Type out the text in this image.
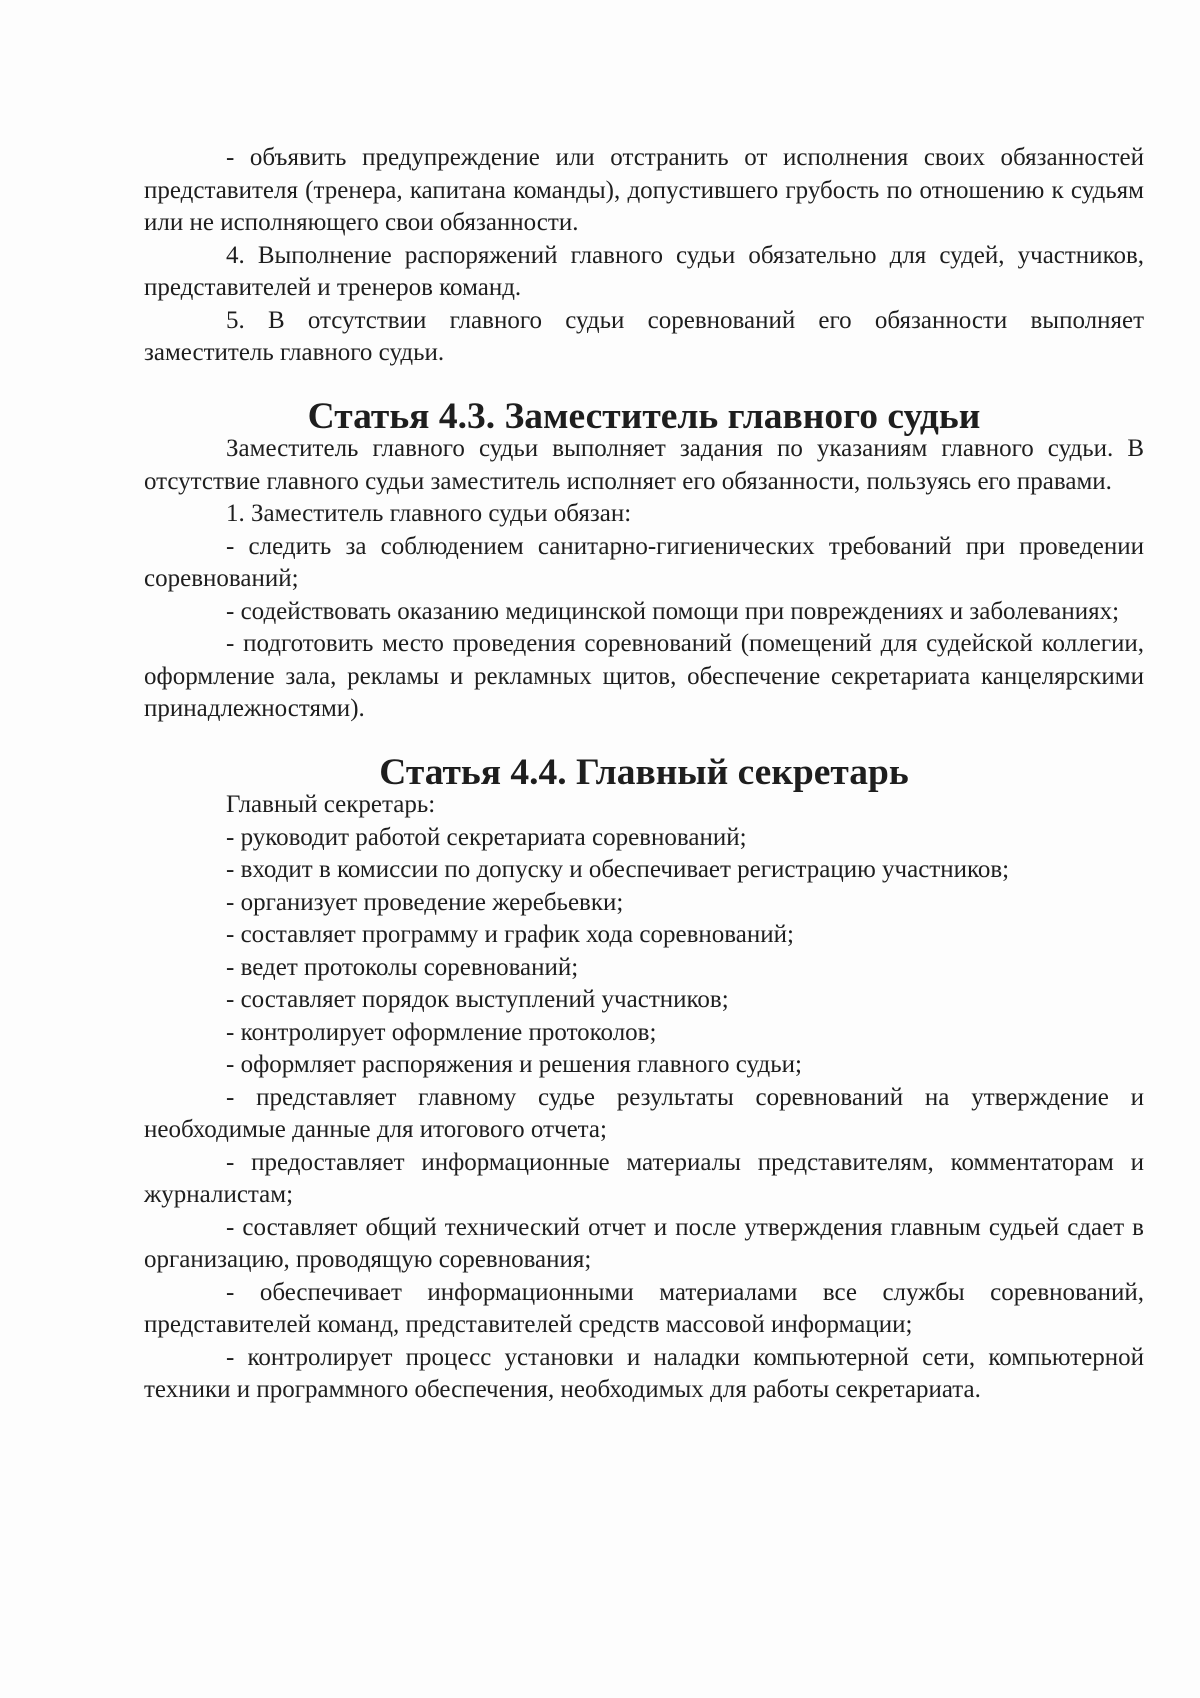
- объявить предупреждение или отстранить от исполнения своих обязанностей представителя (тренера, капитана команды), допустившего грубость по отношению к судьям или не исполняющего свои обязанности.

4. Выполнение распоряжений главного судьи обязательно для судей, участников, представителей и тренеров команд.

5. В отсутствии главного судьи соревнований его обязанности выполняет заместитель главного судьи.

Статья 4.3. Заместитель главного судьи

Заместитель главного судьи выполняет задания по указаниям главного судьи. В отсутствие главного судьи заместитель исполняет его обязанности, пользуясь его правами.

1. Заместитель главного судьи обязан:

- следить за соблюдением санитарно-гигиенических требований при проведении соревнований;

- содействовать оказанию медицинской помощи при повреждениях и заболеваниях;

- подготовить место проведения соревнований (помещений для судейской коллегии, оформление зала, рекламы и рекламных щитов, обеспечение секретариата канцелярскими принадлежностями).

Статья 4.4. Главный секретарь

Главный секретарь:

- руководит работой секретариата соревнований;

- входит в комиссии по допуску и обеспечивает регистрацию участников;

- организует проведение жеребьевки;

- составляет программу и график хода соревнований;

- ведет протоколы соревнований;

- составляет порядок выступлений участников;

- контролирует оформление протоколов;

- оформляет распоряжения и решения главного судьи;

- представляет главному судье результаты соревнований на утверждение и необходимые данные для итогового отчета;

- предоставляет информационные материалы представителям, комментаторам и журналистам;

- составляет общий технический отчет и после утверждения главным судьей сдает в организацию, проводящую соревнования;

- обеспечивает информационными материалами все службы соревнований, представителей команд, представителей средств массовой информации;

- контролирует процесс установки и наладки компьютерной сети, компьютерной техники и программного обеспечения, необходимых для работы секретариата.
